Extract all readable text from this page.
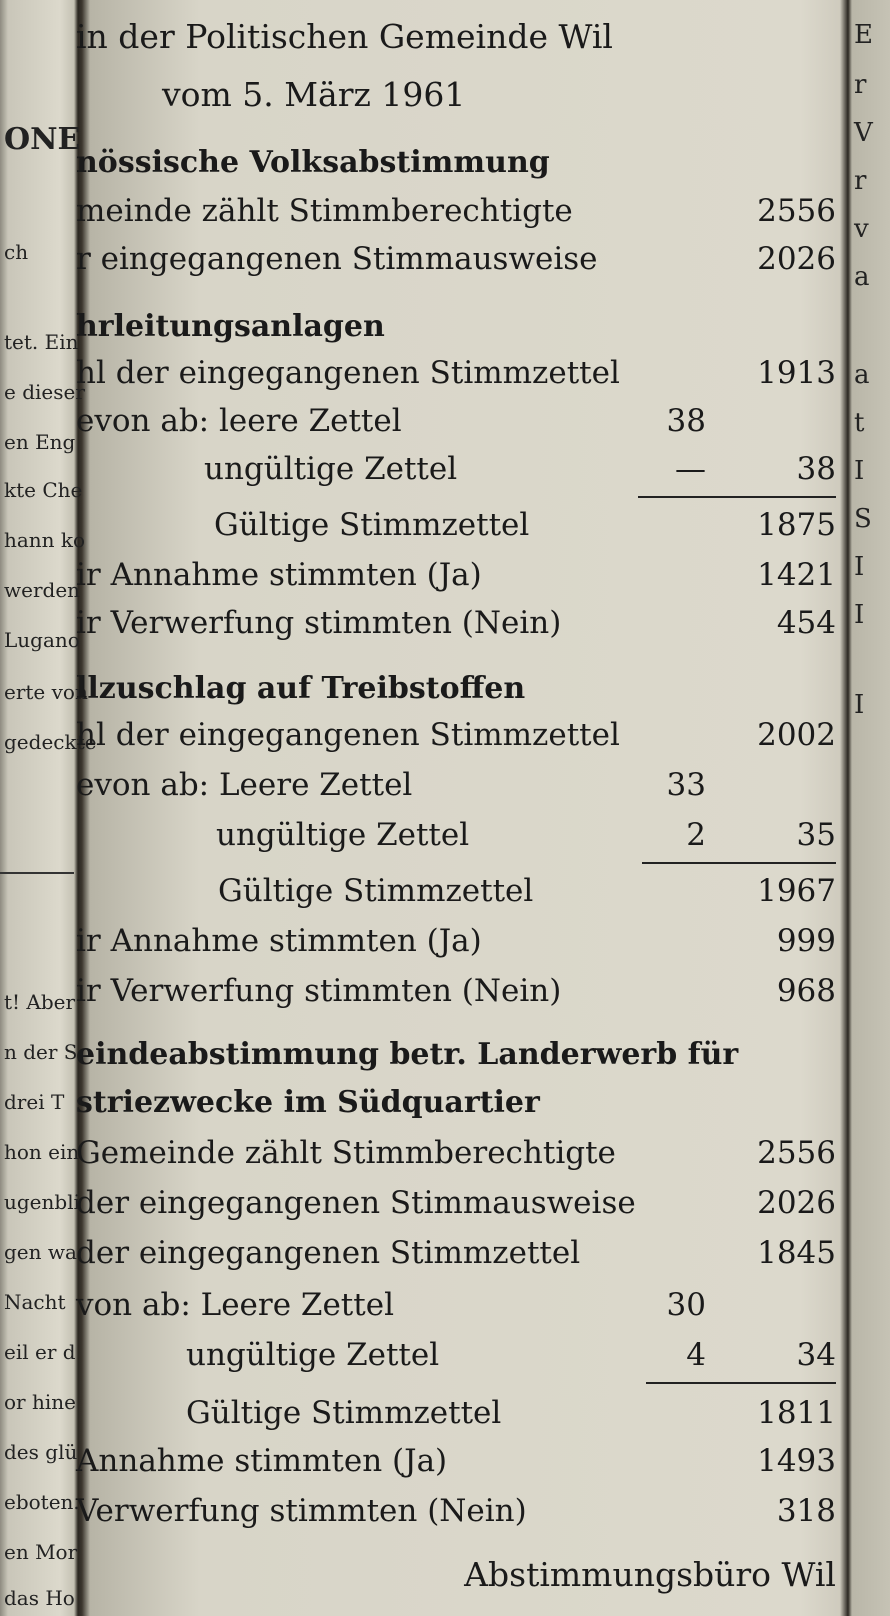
ONE
ch
tet. Ein
e dieser
en Eng
kte Che
hann ko
werden
Lugano
erte von
gedeckte
t! Aber
n der S
drei T
hon ein
ugenbli
gen wa
Nacht
eil er d
or hine
des glü
eboten.
en Mor
das Ho
E
r
V
r
v
a
a
t
I
S
I
I
I
in der Politischen Gemeinde Wil
vom 5. März 1961
nössische Volksabstimmung
meinde zählt Stimmberechtigte	2556
r eingegangenen Stimmausweise	2026
hrleitungsanlagen
hl der eingegangenen Stimmzettel	1913
evon ab: leere Zettel	38
ungültige Zettel	—	38
Gültige Stimmzettel	1875
ir Annahme stimmten (Ja)	1421
ir Verwerfung stimmten (Nein)	454
llzuschlag auf Treibstoffen
hl der eingegangenen Stimmzettel	2002
evon ab: Leere Zettel	33
ungültige Zettel	2	35
Gültige Stimmzettel	1967
ir Annahme stimmten (Ja)	999
ir Verwerfung stimmten (Nein)	968
eindeabstimmung betr. Landerwerb für
striezwecke im Südquartier
Gemeinde zählt Stimmberechtigte	2556
der eingegangenen Stimmausweise	2026
der eingegangenen Stimmzettel	1845
von ab: Leere Zettel	30
ungültige Zettel	4	34
Gültige Stimmzettel	1811
Annahme stimmten (Ja)	1493
Verwerfung stimmten (Nein)	318
Abstimmungsbüro Wil
